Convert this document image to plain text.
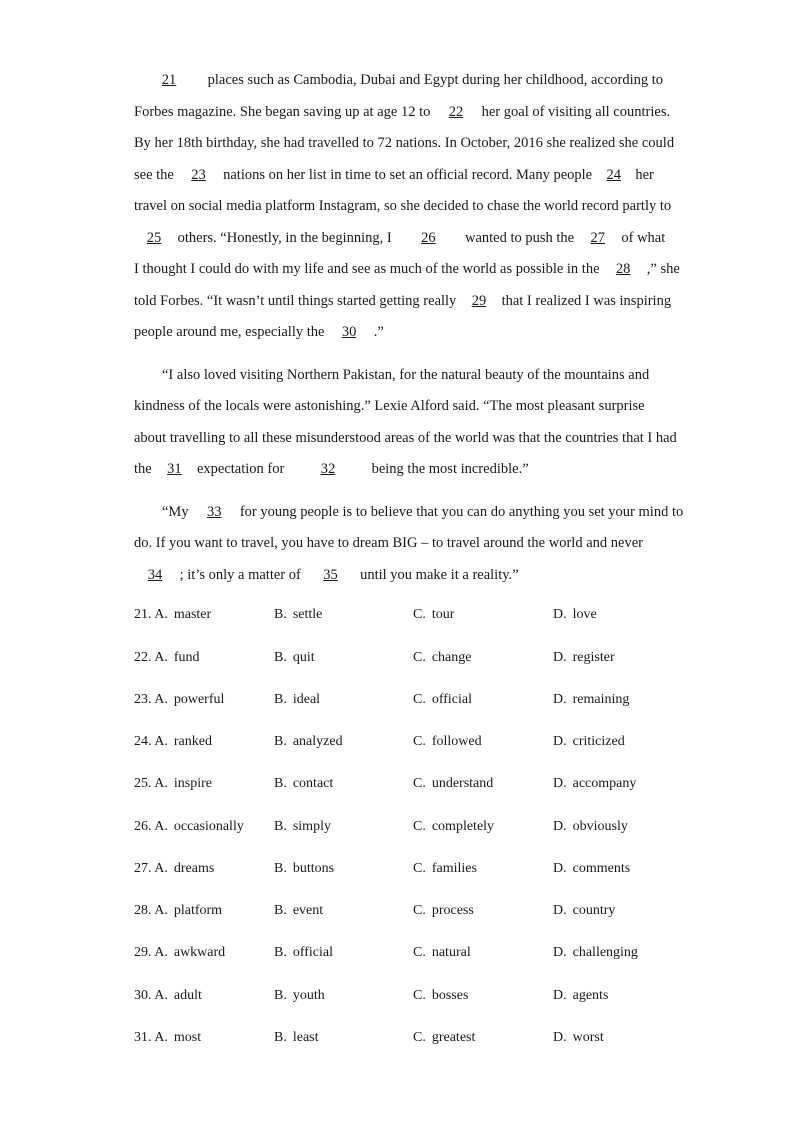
21 places such as Cambodia, Dubai and Egypt during her childhood, according to
Forbes magazine. She began saving up at age 12 to 22 her goal of visiting all countries.
By her 18th birthday, she had travelled to 72 nations. In October, 2016 she realized she could
see the 23 nations on her list in time to set an official record. Many people 24 her
travel on social media platform Instagram, so she decided to chase the world record partly to
25 others. “Honestly, in the beginning, I 26 wanted to push the 27 of what
I thought I could do with my life and see as much of the world as possible in the 28 ,” she
told Forbes. “It wasn’t until things started getting really 29 that I realized I was inspiring
people around me, especially the 30 .”
“I also loved visiting Northern Pakistan, for the natural beauty of the mountains and
kindness of the locals were astonishing.” Lexie Alford said. “The most pleasant surprise
about travelling to all these misunderstood areas of the world was that the countries that I had
the 31 expectation for	32	being the most incredible.”
“My 33 for young people is to believe that you can do anything you set your mind to
do. If you want to travel, you have to dream BIG – to travel around the world and never
34 ; it’s only a matter of 35 until you make it a reality.”
21. A. master	B. settle	C. tour	D. love
22. A. fund	B. quit	C. change	D. register
23. A. powerful	B. ideal	C. official	D. remaining
24. A. ranked	B. analyzed	C. followed	D. criticized
25. A. inspire	B. contact	C. understand	D. accompany
26. A. occasionally B. simply	C. completely	D. obviously
27. A. dreams	B. buttons	C. families	D. comments
28. A. platform	B. event	C. process	D. country
29. A. awkward	B. official	C. natural	D. challenging
30. A. adult	B. youth	C. bosses	D. agents
31. A. most	B. least	C. greatest	D. worst
